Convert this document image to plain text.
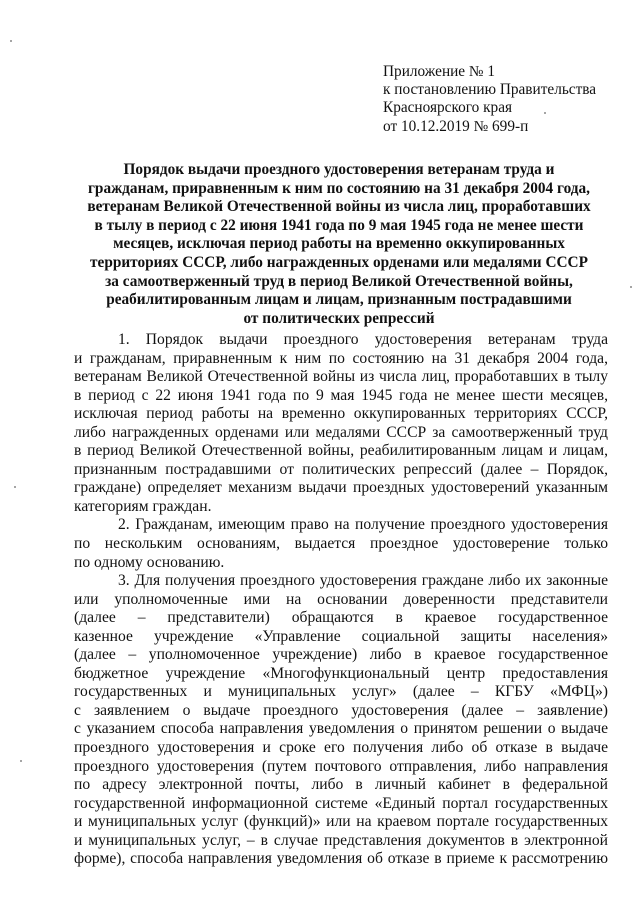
Приложение № 1
к постановлению Правительства
Красноярского края
от 10.12.2019 № 699-п
Порядок выдачи проездного удостоверения ветеранам труда и
гражданам, приравненным к ним по состоянию на 31 декабря 2004 года,
ветеранам Великой Отечественной войны из числа лиц, проработавших
в тылу в период с 22 июня 1941 года по 9 мая 1945 года не менее шести
месяцев, исключая период работы на временно оккупированных
территориях СССР, либо награжденных орденами или медалями СССР
за самоотверженный труд в период Великой Отечественной войны,
реабилитированным лицам и лицам, признанным пострадавшими
от политических репрессий

1. Порядок выдачи проездного удостоверения ветеранам труда
и гражданам, приравненным к ним по состоянию на 31 декабря 2004 года,
ветеранам Великой Отечественной войны из числа лиц, проработавших в тылу
в период с 22 июня 1941 года по 9 мая 1945 года не менее шести месяцев,
исключая период работы на временно оккупированных территориях СССР,
либо награжденных орденами или медалями СССР за самоотверженный труд
в период Великой Отечественной войны, реабилитированным лицам и лицам,
признанным пострадавшими от политических репрессий (далее – Порядок,
граждане) определяет механизм выдачи проездных удостоверений указанным
категориям граждан.

2. Гражданам, имеющим право на получение проездного удостоверения
по нескольким основаниям, выдается проездное удостоверение только
по одному основанию.

3. Для получения проездного удостоверения граждане либо их законные
или уполномоченные ими на основании доверенности представители
(далее – представители) обращаются в краевое государственное
казенное учреждение «Управление социальной защиты населения»
(далее – уполномоченное учреждение) либо в краевое государственное
бюджетное учреждение «Многофункциональный центр предоставления
государственных и муниципальных услуг» (далее – КГБУ «МФЦ»)
с заявлением о выдаче проездного удостоверения (далее – заявление)
с указанием способа направления уведомления о принятом решении о выдаче
проездного удостоверения и сроке его получения либо об отказе в выдаче
проездного удостоверения (путем почтового отправления, либо направления
по адресу электронной почты, либо в личный кабинет в федеральной
государственной информационной системе «Единый портал государственных
и муниципальных услуг (функций)» или на краевом портале государственных
и муниципальных услуг, – в случае представления документов в электронной
форме), способа направления уведомления об отказе в приеме к рассмотрению
